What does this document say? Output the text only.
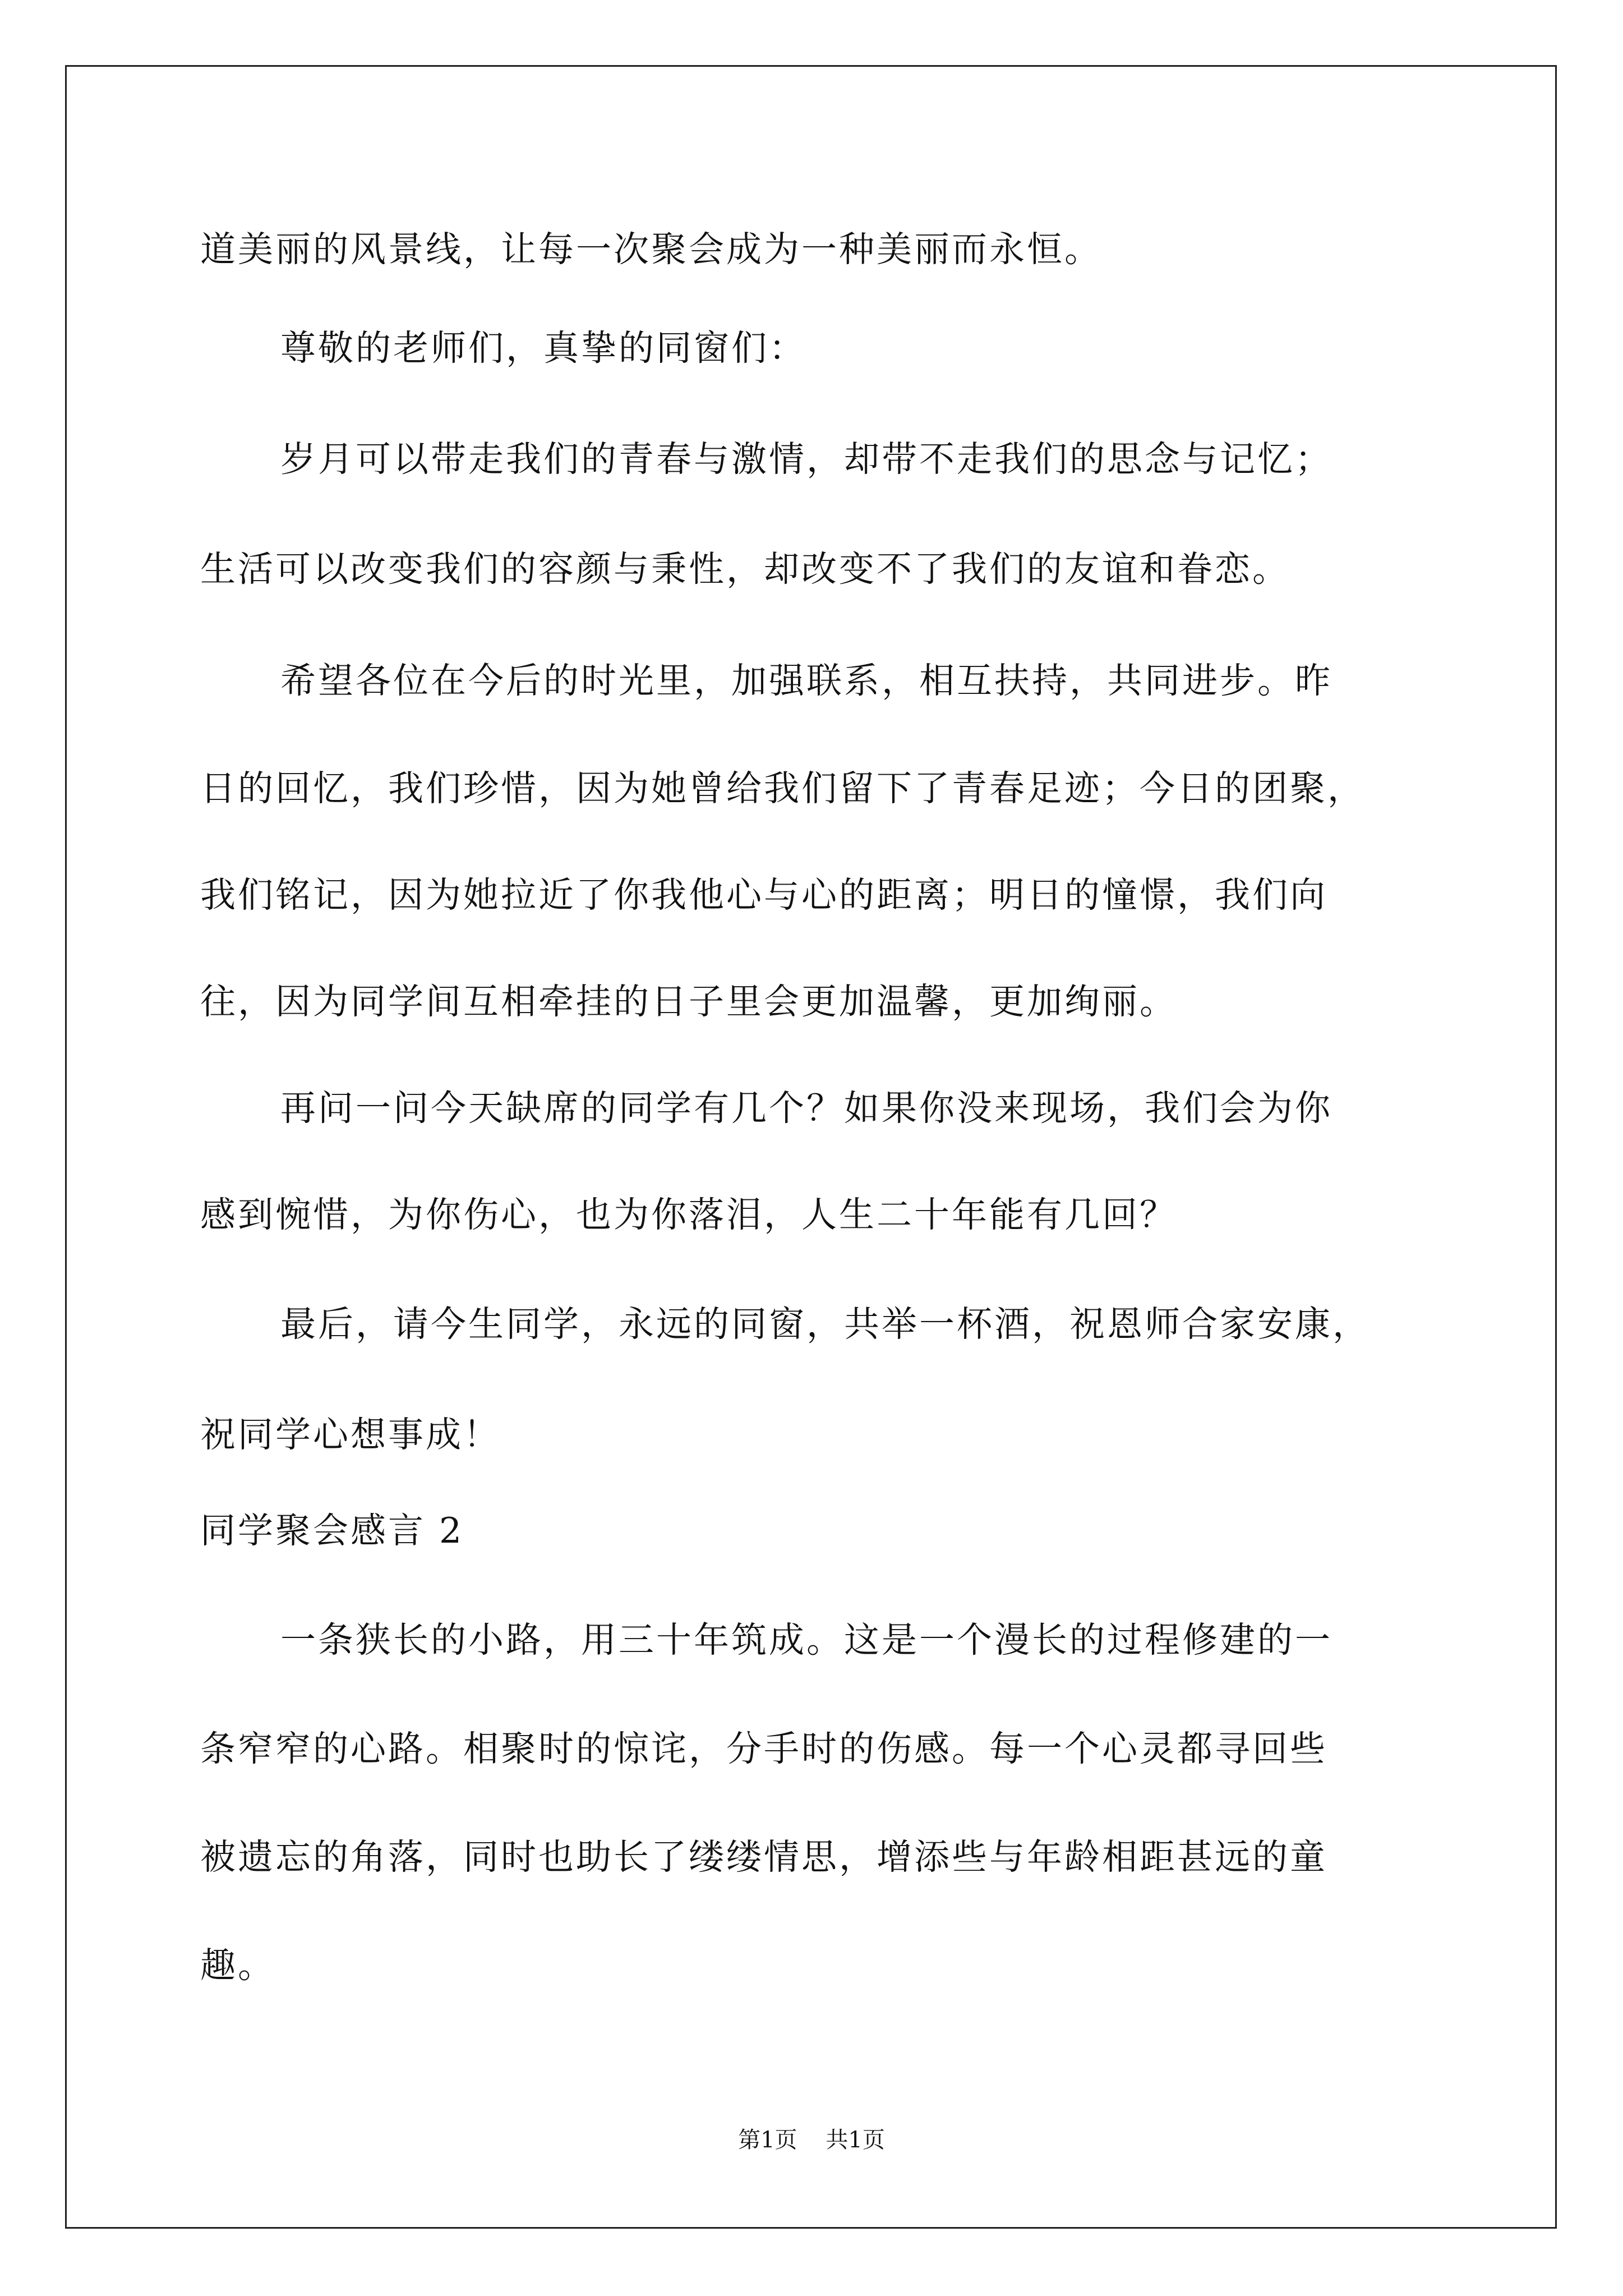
道美丽的风景线，让每一次聚会成为一种美丽而永恒。
尊敬的老师们，真挚的同窗们：
岁月可以带走我们的青春与激情，却带不走我们的思念与记忆；
生活可以改变我们的容颜与秉性，却改变不了我们的友谊和眷恋。
希望各位在今后的时光里，加强联系，相互扶持，共同进步。昨
日的回忆，我们珍惜，因为她曾给我们留下了青春足迹；今日的团聚，
我们铭记，因为她拉近了你我他心与心的距离；明日的憧憬，我们向
往，因为同学间互相牵挂的日子里会更加温馨，更加绚丽。
再问一问今天缺席的同学有几个？如果你没来现场，我们会为你
感到惋惜，为你伤心，也为你落泪，人生二十年能有几回？
最后，请今生同学，永远的同窗，共举一杯酒，祝恩师合家安康，
祝同学心想事成！
同学聚会感言 2
一条狭长的小路，用三十年筑成。这是一个漫长的过程修建的一
条窄窄的心路。相聚时的惊诧，分手时的伤感。每一个心灵都寻回些
被遗忘的角落，同时也助长了缕缕情思，增添些与年龄相距甚远的童
趣。
第1页    共1页
